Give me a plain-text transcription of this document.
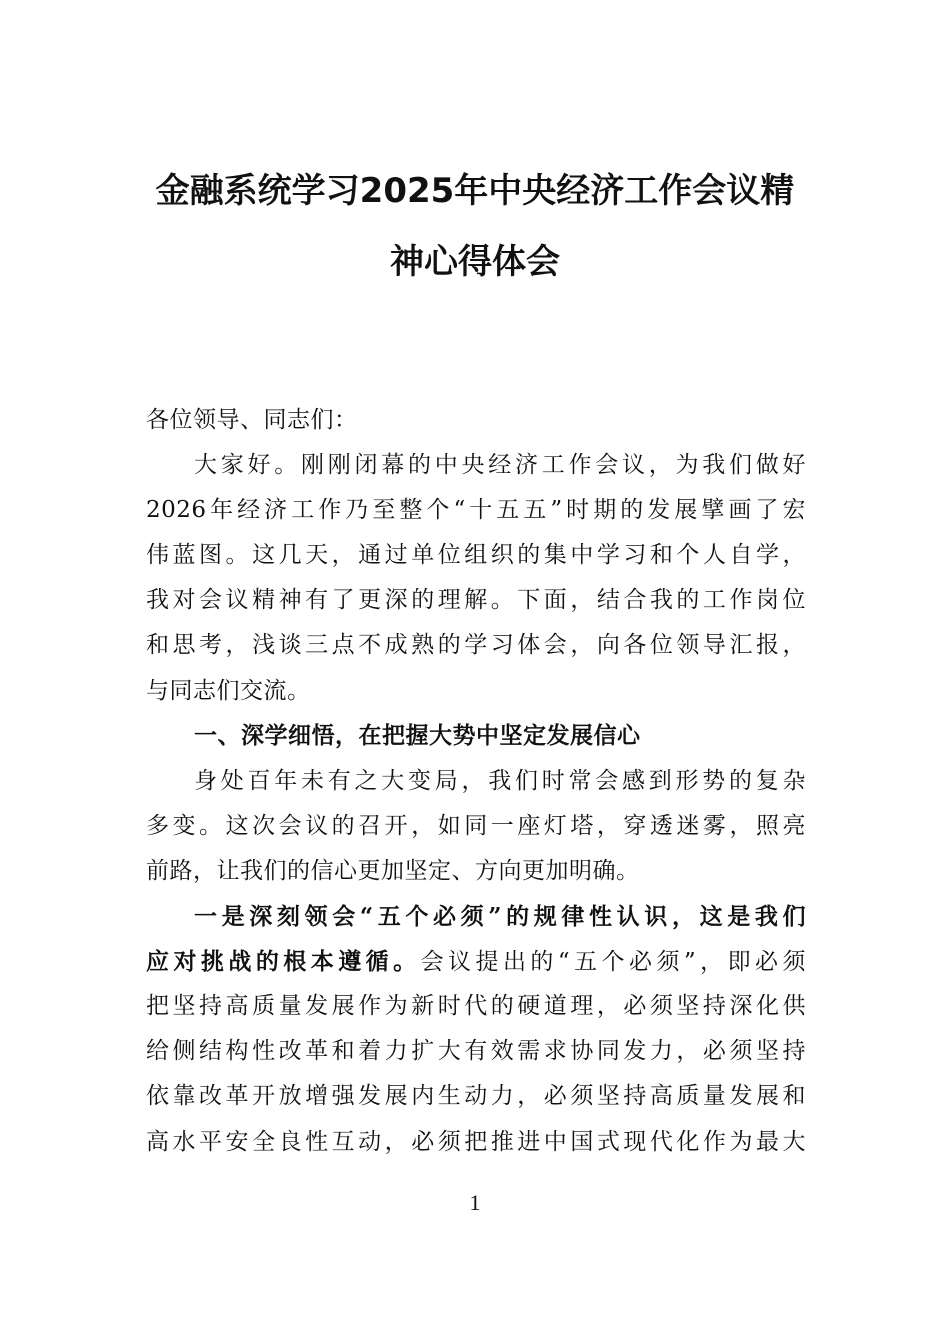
金融系统学习2025年中央经济工作会议精
神心得体会
各位领导、同志们：
大家好。刚刚闭幕的中央经济工作会议，为我们做好
2026年经济工作乃至整个“十五五”时期的发展擘画了宏
伟蓝图。这几天，通过单位组织的集中学习和个人自学，
我对会议精神有了更深的理解。下面，结合我的工作岗位
和思考，浅谈三点不成熟的学习体会，向各位领导汇报，
与同志们交流。
一、深学细悟，在把握大势中坚定发展信心
身处百年未有之大变局，我们时常会感到形势的复杂
多变。这次会议的召开，如同一座灯塔，穿透迷雾，照亮
前路，让我们的信心更加坚定、方向更加明确。
一是深刻领会“五个必须”的规律性认识，这是我们
应对挑战的根本遵循。会议提出的“五个必须”，即必须
把坚持高质量发展作为新时代的硬道理，必须坚持深化供
给侧结构性改革和着力扩大有效需求协同发力，必须坚持
依靠改革开放增强发展内生动力，必须坚持高质量发展和
高水平安全良性互动，必须把推进中国式现代化作为最大
1
